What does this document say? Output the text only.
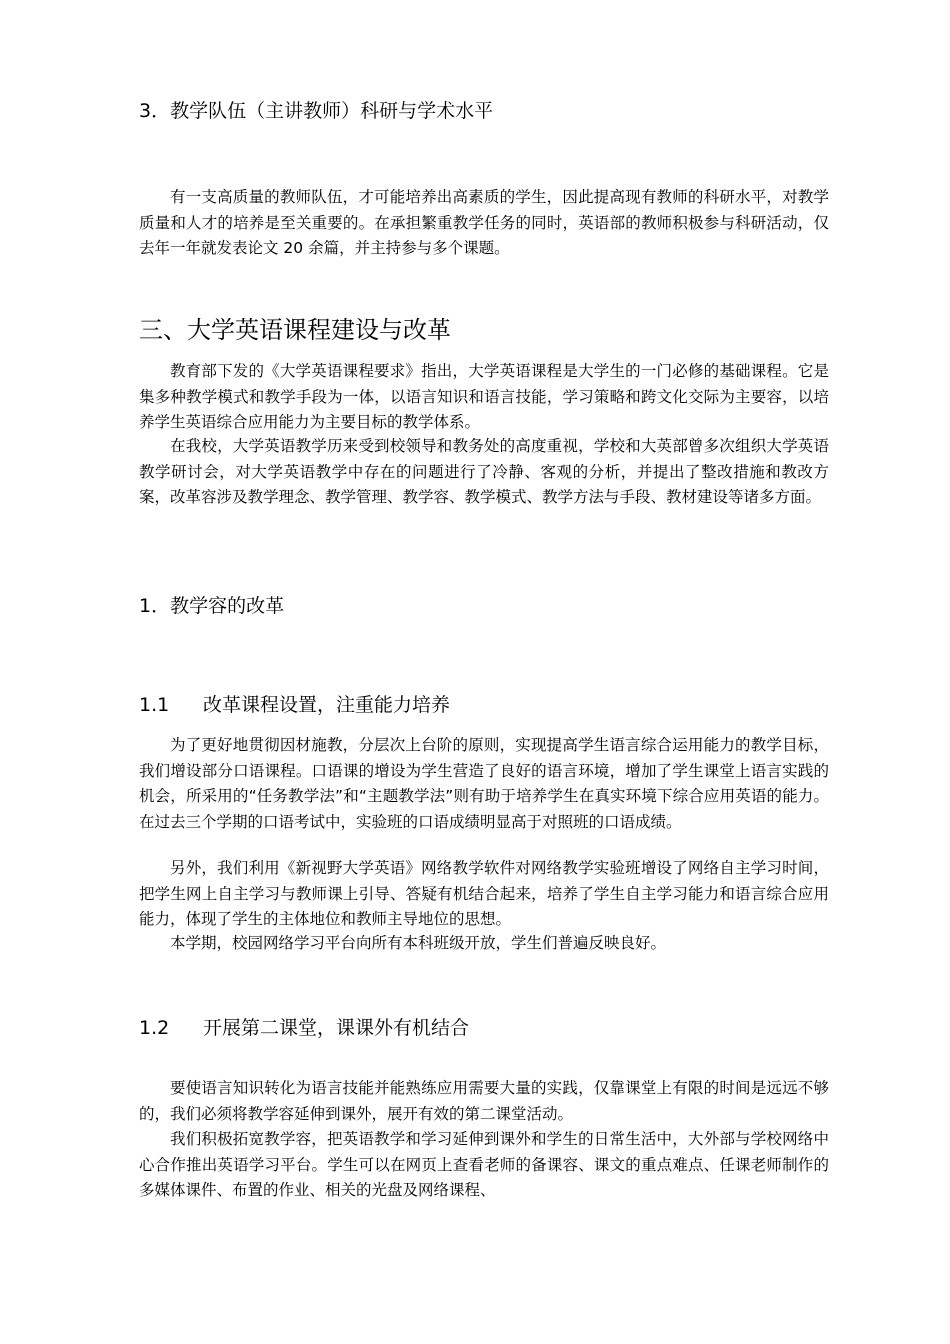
3．教学队伍（主讲教师）科研与学术水平

有一支高质量的教师队伍，才可能培养出高素质的学生，因此提高现有教师的科研水平，对教学质量和人才的培养是至关重要的。在承担繁重教学任务的同时，英语部的教师积极参与科研活动，仅去年一年就发表论文 20 余篇，并主持参与多个课题。

三、大学英语课程建设与改革

教育部下发的《大学英语课程要求》指出，大学英语课程是大学生的一门必修的基础课程。它是集多种教学模式和教学手段为一体，以语言知识和语言技能，学习策略和跨文化交际为主要容，以培养学生英语综合应用能力为主要目标的教学体系。

在我校，大学英语教学历来受到校领导和教务处的高度重视，学校和大英部曾多次组织大学英语教学研讨会，对大学英语教学中存在的问题进行了冷静、客观的分析，并提出了整改措施和教改方案，改革容涉及教学理念、教学管理、教学容、教学模式、教学方法与手段、教材建设等诸多方面。

1．教学容的改革
1.1 改革课程设置，注重能力培养

为了更好地贯彻因材施教，分层次上台阶的原则，实现提高学生语言综合运用能力的教学目标，我们增设部分口语课程。口语课的增设为学生营造了良好的语言环境，增加了学生课堂上语言实践的机会，所采用的“任务教学法”和“主题教学法”则有助于培养学生在真实环境下综合应用英语的能力。在过去三个学期的口语考试中，实验班的口语成绩明显高于对照班的口语成绩。

另外，我们利用《新视野大学英语》网络教学软件对网络教学实验班增设了网络自主学习时间，把学生网上自主学习与教师课上引导、答疑有机结合起来，培养了学生自主学习能力和语言综合应用能力，体现了学生的主体地位和教师主导地位的思想。

本学期，校园网络学习平台向所有本科班级开放，学生们普遍反映良好。

1.2 开展第二课堂，课课外有机结合

要使语言知识转化为语言技能并能熟练应用需要大量的实践，仅靠课堂上有限的时间是远远不够的，我们必须将教学容延伸到课外，展开有效的第二课堂活动。

我们积极拓宽教学容，把英语教学和学习延伸到课外和学生的日常生活中，大外部与学校网络中心合作推出英语学习平台。学生可以在网页上查看老师的备课容、课文的重点难点、任课老师制作的多媒体课件、布置的作业、相关的光盘及网络课程、
